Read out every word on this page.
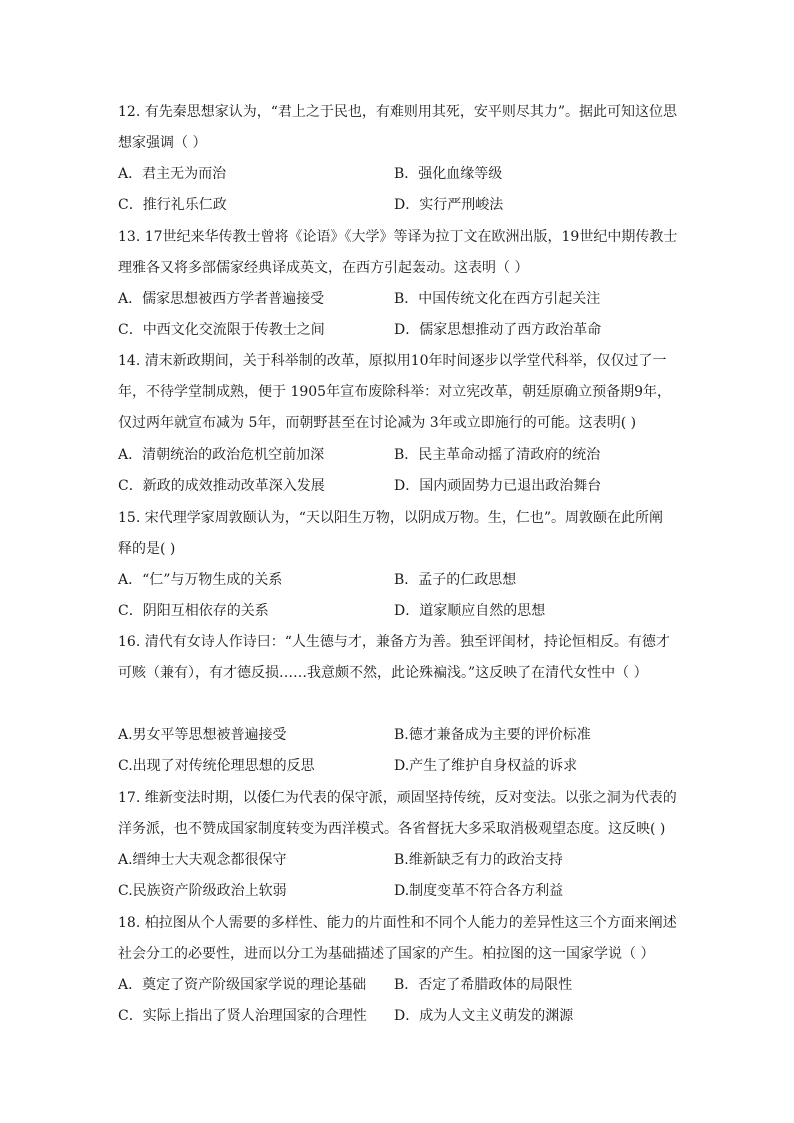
12. 有先秦思想家认为，“君上之于民也，有难则用其死，安平则尽其力”。据此可知这位思
想家强调（ ）
A．君主无为而治	B．强化血缘等级
C．推行礼乐仁政	D．实行严刑峻法
13. 17世纪来华传教士曾将《论语》《大学》等译为拉丁文在欧洲出版，19世纪中期传教士
理雅各又将多部儒家经典译成英文，在西方引起轰动。这表明（ ）
A．儒家思想被西方学者普遍接受	B．中国传统文化在西方引起关注
C．中西文化交流限于传教士之间	D．儒家思想推动了西方政治革命
14. 清末新政期间，关于科举制的改革，原拟用10年时间逐步以学堂代科举，仅仅过了一
年，不待学堂制成熟，便于 1905年宣布废除科举：对立宪改革，朝廷原确立预备期9年，
仅过两年就宣布减为 5年，而朝野甚至在讨论减为 3年或立即施行的可能。这表明( )
A．清朝统治的政治危机空前加深	B．民主革命动摇了清政府的统治
C．新政的成效推动改革深入发展	D．国内顽固势力已退出政治舞台
15. 宋代理学家周敦颐认为，“天以阳生万物，以阴成万物。生，仁也”。周敦颐在此所阐
释的是( )
A．“仁”与万物生成的关系	B．孟子的仁政思想
C．阴阳互相依存的关系	D．道家顺应自然的思想
16. 清代有女诗人作诗曰：“人生德与才，兼备方为善。独至评闺材，持论恒相反。有德才
可赅（兼有），有才德反损……我意颇不然，此论殊褊浅。”这反映了在清代女性中（ ）
A.男女平等思想被普遍接受	B.德才兼备成为主要的评价标准
C.出现了对传统伦理思想的反思	D.产生了维护自身权益的诉求
17. 维新变法时期，以倭仁为代表的保守派，顽固坚持传统，反对变法。以张之洞为代表的
洋务派，也不赞成国家制度转变为西洋模式。各省督抚大多采取消极观望态度。这反映( )
A.缙绅士大夫观念都很保守	B.维新缺乏有力的政治支持
C.民族资产阶级政治上软弱	D.制度变革不符合各方利益
18. 柏拉图从个人需要的多样性、能力的片面性和不同个人能力的差异性这三个方面来阐述
社会分工的必要性，进而以分工为基础描述了国家的产生。柏拉图的这一国家学说（ ）
A．奠定了资产阶级国家学说的理论基础	B．否定了希腊政体的局限性
C．实际上指出了贤人治理国家的合理性	D．成为人文主义萌发的渊源
